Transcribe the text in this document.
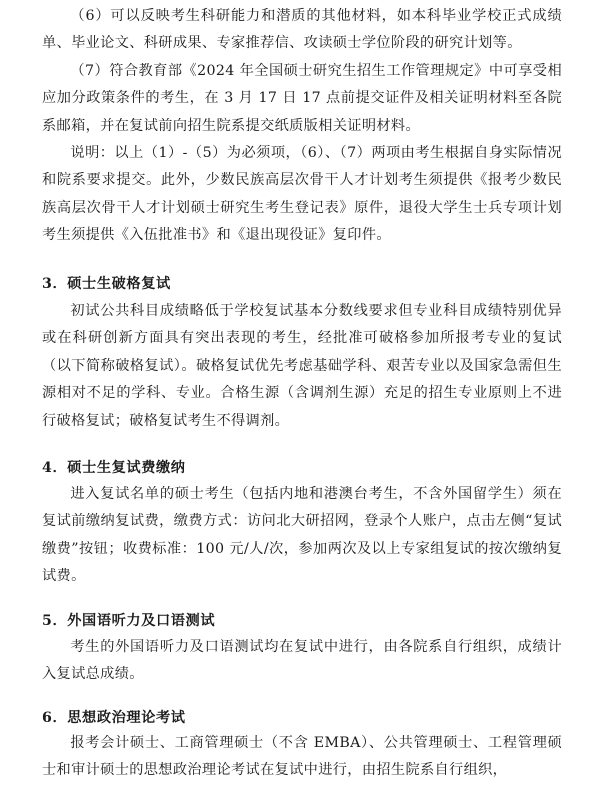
（6）可以反映考生科研能力和潜质的其他材料，如本科毕业学校正式成绩单、毕业论文、科研成果、专家推荐信、攻读硕士学位阶段的研究计划等。

（7）符合教育部《2024 年全国硕士研究生招生工作管理规定》中可享受相应加分政策条件的考生，在 3 月 17 日 17 点前提交证件及相关证明材料至各院系邮箱，并在复试前向招生院系提交纸质版相关证明材料。

说明：以上（1）-（5）为必须项，（6）、（7）两项由考生根据自身实际情况和院系要求提交。此外，少数民族高层次骨干人才计划考生须提供《报考少数民族高层次骨干人才计划硕士研究生考生登记表》原件，退役大学生士兵专项计划考生须提供《入伍批准书》和《退出现役证》复印件。

3．硕士生破格复试

初试公共科目成绩略低于学校复试基本分数线要求但专业科目成绩特别优异或在科研创新方面具有突出表现的考生，经批准可破格参加所报考专业的复试（以下简称破格复试）。破格复试优先考虑基础学科、艰苦专业以及国家急需但生源相对不足的学科、专业。合格生源（含调剂生源）充足的招生专业原则上不进行破格复试；破格复试考生不得调剂。

4．硕士生复试费缴纳

进入复试名单的硕士考生（包括内地和港澳台考生，不含外国留学生）须在复试前缴纳复试费，缴费方式：访问北大研招网，登录个人账户，点击左侧“复试缴费”按钮；收费标准：100 元/人/次，参加两次及以上专家组复试的按次缴纳复试费。

5．外国语听力及口语测试

考生的外国语听力及口语测试均在复试中进行，由各院系自行组织，成绩计入复试总成绩。

6．思想政治理论考试

报考会计硕士、工商管理硕士（不含 EMBA）、公共管理硕士、工程管理硕士和审计硕士的思想政治理论考试在复试中进行，由招生院系自行组织，
